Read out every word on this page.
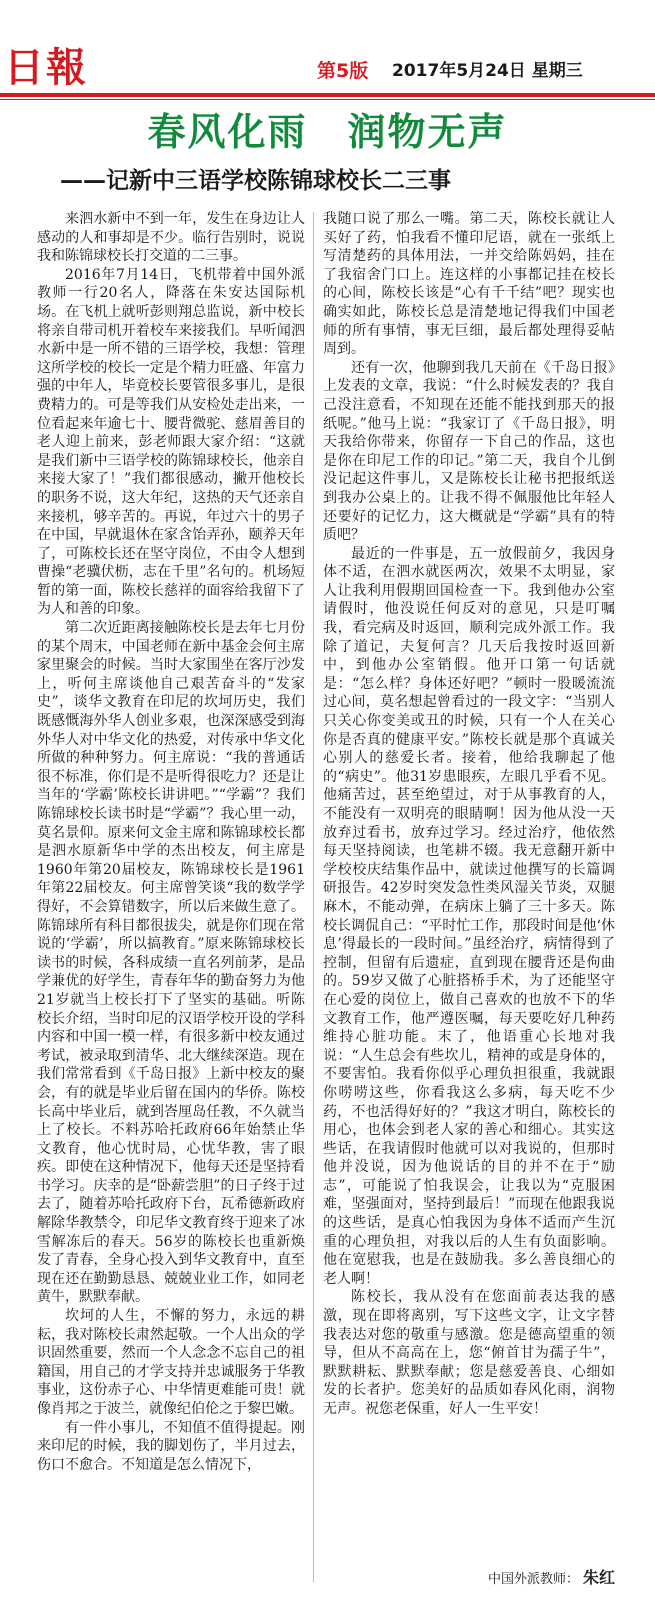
日報	第5版 2017年5月24日 星期三
春风化雨　润物无声
——记新中三语学校陈锦球校长二三事

来泗水新中不到一年，发生在身边让人感动的人和事却是不少。临行告别时，说说我和陈锦球校长打交道的二三事。

2016年7月14日，飞机带着中国外派教师一行20名人，降落在朱安达国际机场。在飞机上就听彭则翔总监说，新中校长将亲自带司机开着校车来接我们。早听闻泗水新中是一所不错的三语学校，我想：管理这所学校的校长一定是个精力旺盛、年富力强的中年人，毕竟校长要管很多事儿，是很费精力的。可是等我们从安检处走出来，一位看起来年逾七十、腰背微驼、慈眉善目的老人迎上前来，彭老师跟大家介绍：“这就是我们新中三语学校的陈锦球校长，他亲自来接大家了！”我们都很感动，撇开他校长的职务不说，这大年纪，这热的天气还亲自来接机，够辛苦的。再说，年过六十的男子在中国，早就退休在家含饴弄孙，颐养天年了，可陈校长还在坚守岗位，不由令人想到曹操“老骥伏枥，志在千里”名句的。机场短暂的第一面，陈校长慈祥的面容给我留下了为人和善的印象。

第二次近距离接触陈校长是去年七月份的某个周末，中国老师在新中基金会何主席家里聚会的时候。当时大家围坐在客厅沙发上，听何主席谈他自己艰苦奋斗的“发家史”，谈华文教育在印尼的坎坷历史，我们既感慨海外华人创业多艰，也深深感受到海外华人对中华文化的热爱，对传承中华文化所做的种种努力。何主席说：“我的普通话很不标准，你们是不是听得很吃力？还是让当年的‘学霸’陈校长讲讲吧。”“学霸”？我们陈锦球校长读书时是“学霸”？我心里一动，莫名景仰。原来何文金主席和陈锦球校长都是泗水原新华中学的杰出校友，何主席是1960年第20届校友，陈锦球校长是1961年第22届校友。何主席曾笑谈“我的数学学得好，不会算错数字，所以后来做生意了。陈锦球所有科目都很拔尖，就是你们现在常说的‘学霸’，所以搞教育。”原来陈锦球校长读书的时候，各科成绩一直名列前茅，是品学兼优的好学生，青春年华的勤奋努力为他21岁就当上校长打下了坚实的基础。听陈校长介绍，当时印尼的汉语学校开设的学科内容和中国一模一样，有很多新中校友通过考试，被录取到清华、北大继续深造。现在我们常常看到《千岛日报》上新中校友的聚会，有的就是毕业后留在国内的华侨。陈校长高中毕业后，就到峇厘岛任教，不久就当上了校长。不料苏哈托政府66年始禁止华文教育，他心忧时局，心忧华教，害了眼疾。即使在这种情况下，他每天还是坚持看书学习。庆幸的是“卧薪尝胆”的日子终于过去了，随着苏哈托政府下台，瓦希德新政府解除华教禁令，印尼华文教育终于迎来了冰雪解冻后的春天。56岁的陈校长也重新焕发了青春，全身心投入到华文教育中，直至现在还在勤勤恳恳、兢兢业业工作，如同老黄牛，默默奉献。

坎坷的人生，不懈的努力，永远的耕耘，我对陈校长肃然起敬。一个人出众的学识固然重要，然而一个人念念不忘自己的祖籍国，用自己的才学支持并忠诚服务于华教事业，这份赤子心、中华情更难能可贵！就像肖邦之于波兰，就像纪伯伦之于黎巴嫩。

有一件小事儿，不知值不值得提起。刚来印尼的时候，我的脚划伤了，半月过去，伤口不愈合。不知道是怎么情况下，

我随口说了那么一嘴。第二天，陈校长就让人买好了药，怕我看不懂印尼语，就在一张纸上写清楚药的具体用法，一并交给陈妈妈，挂在了我宿舍门口上。连这样的小事都记挂在校长的心间，陈校长该是“心有千千结”吧？现实也确实如此，陈校长总是清楚地记得我们中国老师的所有事情，事无巨细，最后都处理得妥帖周到。

还有一次，他聊到我几天前在《千岛日报》上发表的文章，我说：“什么时候发表的？我自己没注意看，不知现在还能不能找到那天的报纸呢。”他马上说：“我家订了《千岛日报》，明天我给你带来，你留存一下自己的作品，这也是你在印尼工作的印记。”第二天，我自个儿倒没记起这件事儿，又是陈校长让秘书把报纸送到我办公桌上的。让我不得不佩服他比年轻人还要好的记忆力，这大概就是“学霸”具有的特质吧？

最近的一件事是，五一放假前夕，我因身体不适，在泗水就医两次，效果不太明显，家人让我利用假期回国检查一下。我到他办公室请假时，他没说任何反对的意见，只是叮嘱我，看完病及时返回，顺利完成外派工作。我除了道记，夫复何言？几天后我按时返回新中，到他办公室销假。他开口第一句话就是：“怎么样？身体还好吧？”顿时一股暖流流过心间，莫名想起曾看过的一段文字：“当别人只关心你变美或丑的时候，只有一个人在关心你是否真的健康平安。”陈校长就是那个真诚关心别人的慈爱长者。接着，他给我聊起了他的“病史”。他31岁患眼疾，左眼几乎看不见。他痛苦过，甚至绝望过，对于从事教育的人，不能没有一双明亮的眼睛啊！因为他从没一天放弃过看书，放弃过学习。经过治疗，他依然每天坚持阅读，也笔耕不辍。我无意翻开新中学校校庆结集作品中，就读过他撰写的长篇调研报告。42岁时突发急性类风湿关节炎，双腿麻木，不能动弹，在病床上躺了三十多天。陈校长调侃自己：“平时忙工作，那段时间是他‘休息’得最长的一段时间。”虽经治疗，病情得到了控制，但留有后遗症，直到现在腰背还是佝曲的。59岁又做了心脏搭桥手术，为了还能坚守在心爱的岗位上，做自己喜欢的也放不下的华文教育工作，他严遵医嘱，每天要吃好几种药维持心脏功能。末了，他语重心长地对我说：“人生总会有些坎儿，精神的或是身体的，不要害怕。我看你似乎心理负担很重，我就跟你唠唠这些，你看我这么多病，每天吃不少药，不也活得好好的？”我这才明白，陈校长的用心，也体会到老人家的善心和细心。其实这些话，在我请假时他就可以对我说的，但那时他并没说，因为他说话的目的并不在于“励志”，可能说了怕我误会，让我以为“克服困难，坚强面对，坚持到最后！”而现在他跟我说的这些话，是真心怕我因为身体不适而产生沉重的心理负担，对我以后的人生有负面影响。他在宽慰我，也是在鼓励我。多么善良细心的老人啊！

陈校长，我从没有在您面前表达我的感激，现在即将离别，写下这些文字，让文字替我表达对您的敬重与感激。您是德高望重的领导，但从不高高在上，您“俯首甘为孺子牛”，默默耕耘、默默奉献；您是慈爱善良、心细如发的长者护。您美好的品质如春风化雨，润物无声。祝您老保重，好人一生平安！

中国外派教师： 朱红
